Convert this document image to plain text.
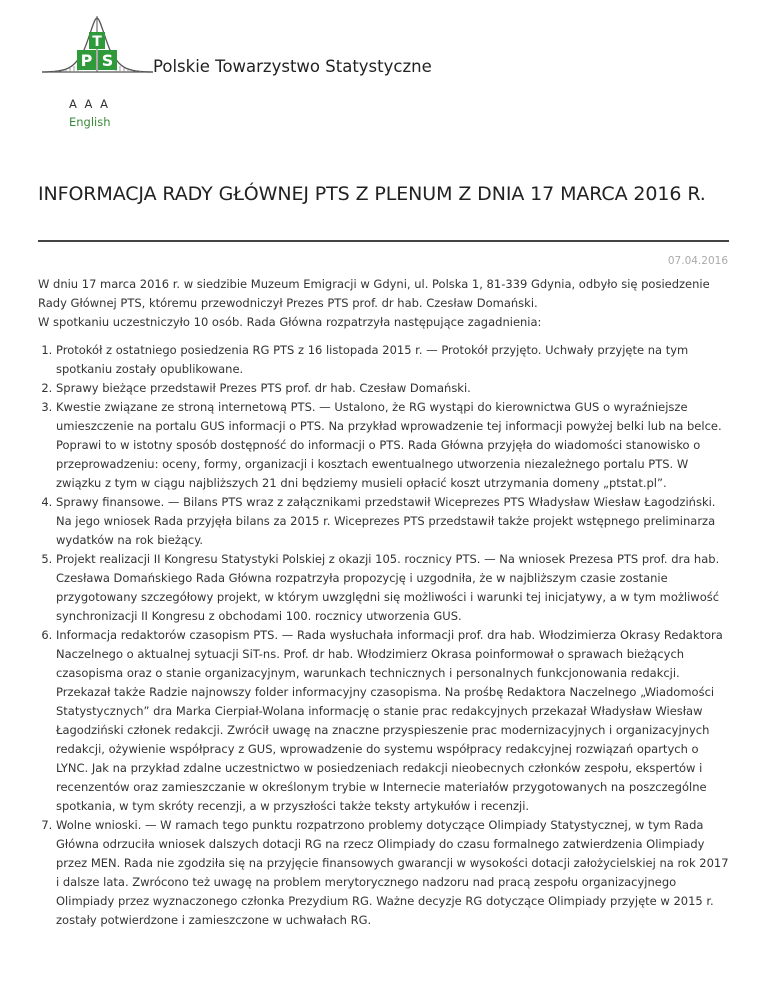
T
P S Polskie Towarzystwo Statystyczne
A A A
English
INFORMACJA RADY GŁÓWNEJ PTS Z PLENUM Z DNIA 17 MARCA 2016 R.
07.04.2016

W dniu 17 marca 2016 r. w siedzibie Muzeum Emigracji w Gdyni, ul. Polska 1, 81-339 Gdynia, odbyło się posiedzenie Rady Głównej PTS, któremu przewodniczył Prezes PTS prof. dr hab. Czesław Domański.
W spotkaniu uczestniczyło 10 osób. Rada Główna rozpatrzyła następujące zagadnienia:

1. Protokół z ostatniego posiedzenia RG PTS z 16 listopada 2015 r. — Protokół przyjęto. Uchwały przyjęte na tym spotkaniu zostały opublikowane.
2. Sprawy bieżące przedstawił Prezes PTS prof. dr hab. Czesław Domański.
3. Kwestie związane ze stroną internetową PTS. — Ustalono, że RG wystąpi do kierownictwa GUS o wyraźniejsze umieszczenie na portalu GUS informacji o PTS. Na przykład wprowadzenie tej informacji powyżej belki lub na belce. Poprawi to w istotny sposób dostępność do informacji o PTS. Rada Główna przyjęła do wiadomości stanowisko o przeprowadzeniu: oceny, formy, organizacji i kosztach ewentualnego utworzenia niezależnego portalu PTS. W związku z tym w ciągu najbliższych 21 dni będziemy musieli opłacić koszt utrzymania domeny „ptstat.pl”.
4. Sprawy finansowe. — Bilans PTS wraz z załącznikami przedstawił Wiceprezes PTS Władysław Wiesław Łagodziński. Na jego wniosek Rada przyjęła bilans za 2015 r. Wiceprezes PTS przedstawił także projekt wstępnego preliminarza wydatków na rok bieżący.
5. Projekt realizacji II Kongresu Statystyki Polskiej z okazji 105. rocznicy PTS. — Na wniosek Prezesa PTS prof. dra hab. Czesława Domańskiego Rada Główna rozpatrzyła propozycję i uzgodniła, że w najbliższym czasie zostanie przygotowany szczegółowy projekt, w którym uwzględni się możliwości i warunki tej inicjatywy, a w tym możliwość synchronizacji II Kongresu z obchodami 100. rocznicy utworzenia GUS.
6. Informacja redaktorów czasopism PTS. — Rada wysłuchała informacji prof. dra hab. Włodzimierza Okrasy Redaktora Naczelnego o aktualnej sytuacji SiT-ns. Prof. dr hab. Włodzimierz Okrasa poinformował o sprawach bieżących czasopisma oraz o stanie organizacyjnym, warunkach technicznych i personalnych funkcjonowania redakcji. Przekazał także Radzie najnowszy folder informacyjny czasopisma. Na prośbę Redaktora Naczelnego „Wiadomości Statystycznych” dra Marka Cierpiał-Wolana informację o stanie prac redakcyjnych przekazał Władysław Wiesław Łagodziński członek redakcji. Zwrócił uwagę na znaczne przyspieszenie prac modernizacyjnych i organizacyjnych redakcji, ożywienie współpracy z GUS, wprowadzenie do systemu współpracy redakcyjnej rozwiązań opartych o LYNC. Jak na przykład zdalne uczestnictwo w posiedzeniach redakcji nieobecnych członków zespołu, ekspertów i recenzentów oraz zamieszczanie w określonym trybie w Internecie materiałów przygotowanych na poszczególne spotkania, w tym skróty recenzji, a w przyszłości także teksty artykułów i recenzji.
7. Wolne wnioski. — W ramach tego punktu rozpatrzono problemy dotyczące Olimpiady Statystycznej, w tym Rada Główna odrzuciła wniosek dalszych dotacji RG na rzecz Olimpiady do czasu formalnego zatwierdzenia Olimpiady przez MEN. Rada nie zgodziła się na przyjęcie finansowych gwarancji w wysokości dotacji założycielskiej na rok 2017 i dalsze lata. Zwrócono też uwagę na problem merytorycznego nadzoru nad pracą zespołu organizacyjnego Olimpiady przez wyznaczonego członka Prezydium RG. Ważne decyzje RG dotyczące Olimpiady przyjęte w 2015 r. zostały potwierdzone i zamieszczone w uchwałach RG.
